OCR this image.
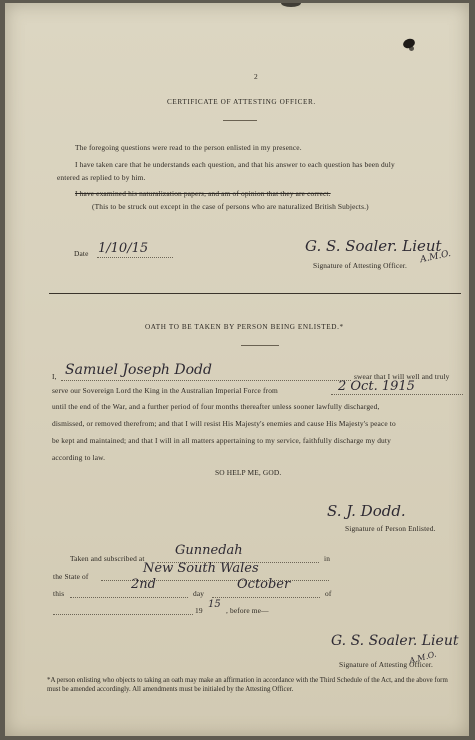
2
CERTIFICATE OF ATTESTING OFFICER.
The foregoing questions were read to the person enlisted in my presence.
I have taken care that he understands each question, and that his answer to each question has been duly
entered as replied to by him.
I have examined his naturalization papers, and am of opinion that they are correct.
(This to be struck out except in the case of persons who are naturalized British Subjects.)
Date 1/10/15	G. S. Soaler. Lieut
Signature of Attesting Officer.
A.M.O.
OATH TO BE TAKEN BY PERSON BEING ENLISTED.*
I, Samuel Joseph Dodd	swear that I will well and truly
serve our Sovereign Lord the King in the Australian Imperial Force from	2 Oct. 1915
until the end of the War, and a further period of four months thereafter unless sooner lawfully discharged,
dismissed, or removed therefrom; and that I will resist His Majesty's enemies and cause His Majesty's peace to
be kept and maintained; and that I will in all matters appertaining to my service, faithfully discharge my duty
according to law.
SO HELP ME, GOD.
S. J. Dodd.
Signature of Person Enlisted.
Taken and subscribed at
Gunnedah
in
the State of
New South Wales
this
2nd
day
October
of
19
15
, before me—
G. S. Soaler. Lieut
Signature of Attesting Officer.
A.M.O.
*A person enlisting who objects to taking an oath may make an affirmation in accordance with the Third Schedule of the Act, and the above form must be amended accordingly. All amendments must be initialed by the Attesting Officer.
